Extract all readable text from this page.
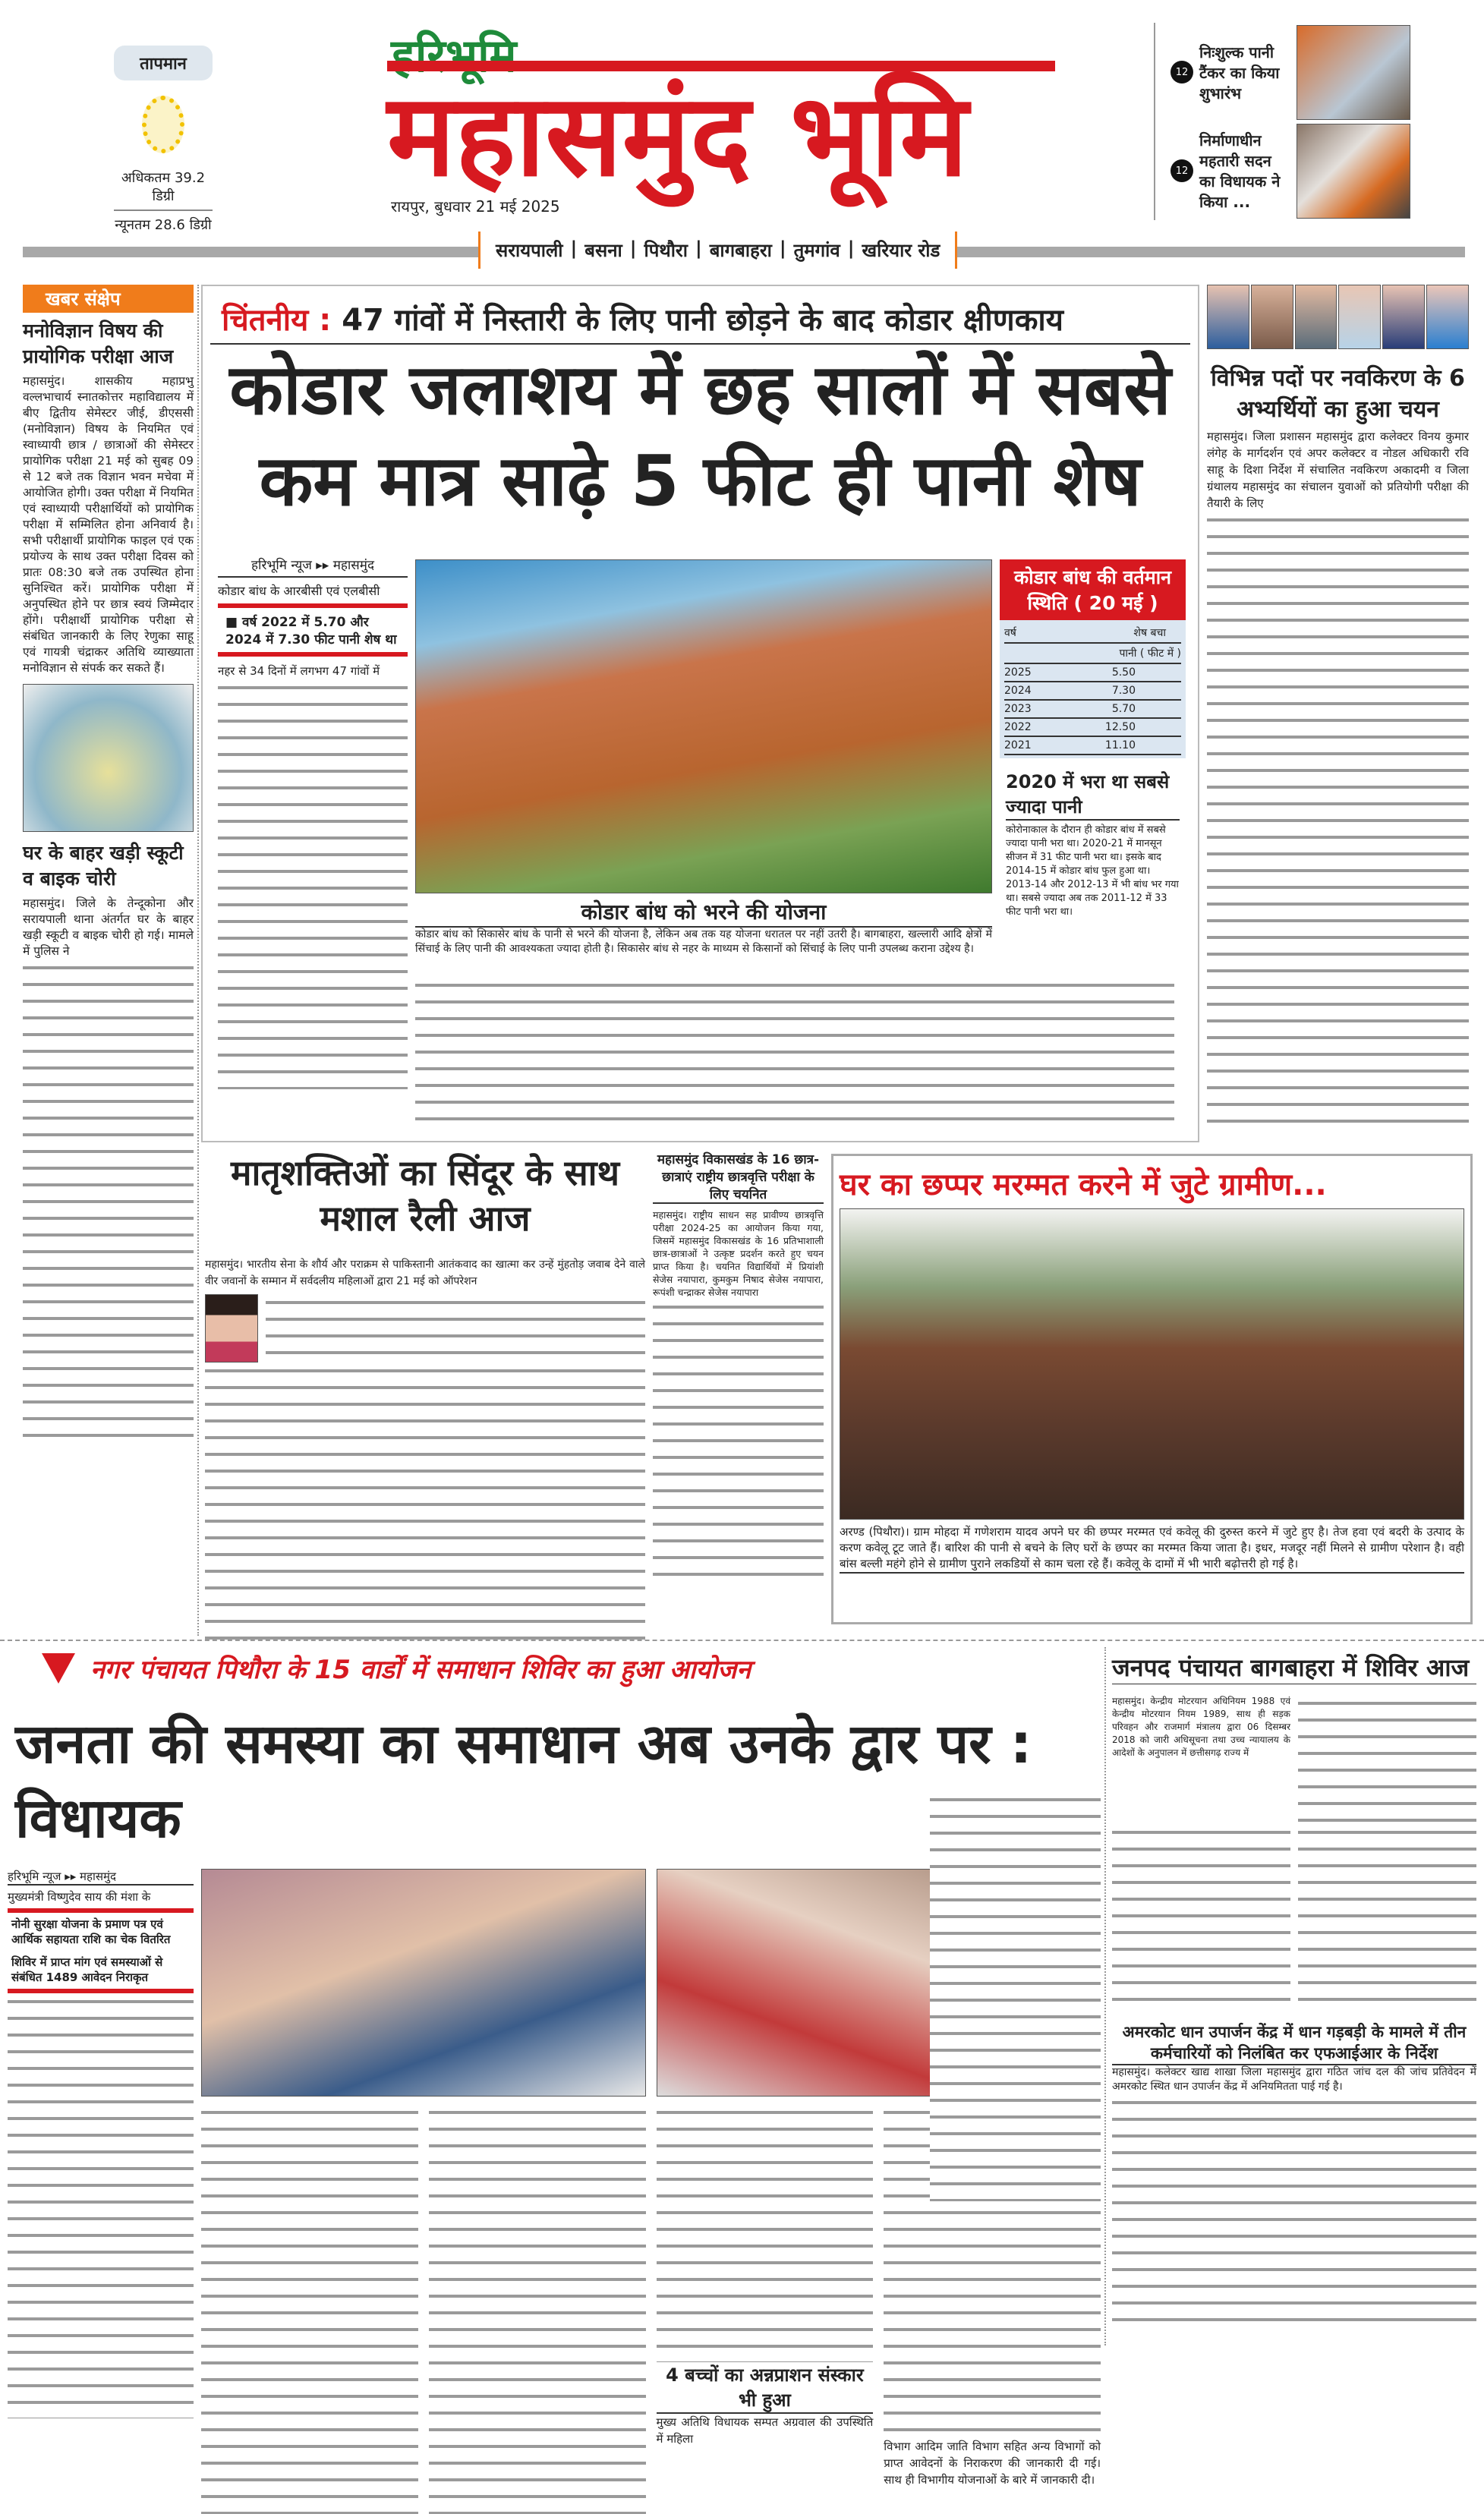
तापमान
अधिकतम 39.2 डिग्री
न्यूनतम 28.6 डिग्री
हरिभूमि
महासमुंद भूमि
रायपुर, बुधवार 21 मई 2025
सरायपाली | बसना | पिथौरा | बागबाहरा | तुमगांव | खरियार रोड
12
निःशुल्क पानी टैंकर का किया शुभारंभ
12
निर्माणाधीन महतारी सदन का विधायक ने किया ...
खबर संक्षेप
मनोविज्ञान विषय की प्रायोगिक परीक्षा आज

महासमुंद। शासकीय महाप्रभु वल्लभाचार्य स्नातकोत्तर महाविद्यालय में बीए द्वितीय सेमेस्टर जीई, डीएससी (मनोविज्ञान) विषय के नियमित एवं स्वाध्यायी छात्र / छात्राओं की सेमेस्टर प्रायोगिक परीक्षा 21 मई को सुबह 09 से 12 बजे तक विज्ञान भवन मचेवा में आयोजित होगी। उक्त परीक्षा में नियमित एवं स्वाध्यायी परीक्षार्थियों को प्रायोगिक परीक्षा में सम्मिलित होना अनिवार्य है। सभी परीक्षार्थी प्रायोगिक फाइल एवं एक प्रयोज्य के साथ उक्त परीक्षा दिवस को प्रातः 08:30 बजे तक उपस्थित होना सुनिश्चित करें। प्रायोगिक परीक्षा में अनुपस्थित होने पर छात्र स्वयं जिम्मेदार होंगे। परीक्षार्थी प्रायोगिक परीक्षा से संबंधित जानकारी के लिए रेणुका साहू एवं गायत्री चंद्राकर अतिथि व्याख्याता मनोविज्ञान से संपर्क कर सकते हैं।

घर के बाहर खड़ी स्कूटी व बाइक चोरी

महासमुंद। जिले के तेन्दूकोना और सरायपाली थाना अंतर्गत घर के बाहर खड़ी स्कूटी व बाइक चोरी हो गई। मामले में पुलिस ने

चिंतनीय : 47 गांवों में निस्तारी के लिए पानी छोड़ने के बाद कोडार क्षीणकाय
कोडार जलाशय में छह सालों में सबसे कम मात्र साढ़े 5 फीट ही पानी शेष
हरिभूमि न्यूज ▸▸ महासमुंद
कोडार बांध के आरबीसी एवं एलबीसी
■ वर्ष 2022 में 5.70 और 2024 में 7.30 फीट पानी शेष था

नहर से 34 दिनों में लगभग 47 गांवों में

कोडार बांध को भरने की योजना

कोडार बांध को सिकासेर बांध के पानी से भरने की योजना है, लेकिन अब तक यह योजना धरातल पर नहीं उतरी है। बागबाहरा, खल्लारी आदि क्षेत्रों में सिंचाई के लिए पानी की आवश्यकता ज्यादा होती है। सिकासेर बांध से नहर के माध्यम से किसानों को सिंचाई के लिए पानी उपलब्ध कराना उद्देश्य है।

कोडार बांध की वर्तमान स्थिति ( 20 मई )
वर्ष	शेष बचा
पानी ( फीट में )
2025	5.50
2024	7.30
2023	5.70
2022	12.50
2021	11.10
2020 में भरा था सबसे ज्यादा पानी

कोरोनाकाल के दौरान ही कोडार बांध में सबसे ज्यादा पानी भरा था। 2020-21 में मानसून सीजन में 31 फीट पानी भरा था। इसके बाद 2014-15 में कोडार बांध फुल हुआ था। 2013-14 और 2012-13 में भी बांध भर गया था। सबसे ज्यादा अब तक 2011-12 में 33 फीट पानी भरा था।

विभिन्न पदों पर नवकिरण के 6 अभ्यर्थियों का हुआ चयन

महासमुंद। जिला प्रशासन महासमुंद द्वारा कलेक्टर विनय कुमार लंगेह के मार्गदर्शन एवं अपर कलेक्टर व नोडल अधिकारी रवि साहू के दिशा निर्देश में संचालित नवकिरण अकादमी व जिला ग्रंथालय महासमुंद का संचालन युवाओं को प्रतियोगी परीक्षा की तैयारी के लिए

मातृशक्तिओं का सिंदूर के साथ मशाल रैली आज

महासमुंद। भारतीय सेना के शौर्य और पराक्रम से पाकिस्तानी आतंकवाद का खात्मा कर उन्हें मुंहतोड़ जवाब देने वाले वीर जवानों के सम्मान में सर्वदलीय महिलाओं द्वारा 21 मई को ऑपरेशन

महासमुंद विकासखंड के 16 छात्र-छात्राएं राष्ट्रीय छात्रवृत्ति परीक्षा के लिए चयनित

महासमुंद। राष्ट्रीय साधन सह प्रावीण्य छात्रवृत्ति परीक्षा 2024-25 का आयोजन किया गया, जिसमें महासमुंद विकासखंड के 16 प्रतिभाशाली छात्र-छात्राओं ने उत्कृष्ट प्रदर्शन करते हुए चयन प्राप्त किया है। चयनित विद्यार्थियों में प्रियांशी सेजेस नयापारा, कुमकुम निषाद सेजेस नयापारा, रूपंशी चन्द्राकर सेजेस नयापारा

घर का छप्पर मरम्मत करने में जुटे ग्रामीण...

अरण्ड (पिथौरा)। ग्राम मोहदा में गणेशराम यादव अपने घर की छप्पर मरम्मत एवं कवेलू की दुरुस्त करने में जुटे हुए है। तेज हवा एवं बदरी के उत्पाद के करण कवेलू टूट जाते हैं। बारिश की पानी से बचने के लिए घरों के छप्पर का मरम्मत किया जाता है। इधर, मजदूर नहीं मिलने से ग्रामीण परेशान है। वही बांस बल्ली महंगे होने से ग्रामीण पुराने लकडियों से काम चला रहे हैं। कवेलू के दामों में भी भारी बढ़ोत्तरी हो गई है।

नगर पंचायत पिथौरा के 15 वार्डों में समाधान शिविर का हुआ आयोजन
जनता की समस्या का समाधान अब उनके द्वार पर : विधायक
हरिभूमि न्यूज ▸▸ महासमुंद
मुख्यमंत्री विष्णुदेव साय की मंशा के
नोनी सुरक्षा योजना के प्रमाण पत्र एवं आर्थिक सहायता राशि का चेक वितरित
शिविर में प्राप्त मांग एवं समस्याओं से संबंधित 1489 आवेदन निराकृत
4 बच्चों का अन्नप्राशन संस्कार भी हुआ

मुख्य अतिथि विधायक सम्पत अग्रवाल की उपस्थिति में महिला

विभाग आदिम जाति विभाग सहित अन्य विभागों को प्राप्त आवेदनों के निराकरण की जानकारी दी गई। साथ ही विभागीय योजनाओं के बारे में जानकारी दी।

जनपद पंचायत बागबाहरा में शिविर आज

महासमुंद। केन्द्रीय मोटरयान अधिनियम 1988 एवं केन्द्रीय मोटरयान नियम 1989, साथ ही सड़क परिवहन और राजमार्ग मंत्रालय द्वारा 06 दिसम्बर 2018 को जारी अधिसूचना तथा उच्च न्यायालय के आदेशों के अनुपालन में छत्तीसगढ़ राज्य में

अमरकोट धान उपार्जन केंद्र में धान गड़बड़ी के मामले में तीन कर्मचारियों को निलंबित कर एफआईआर के निर्देश

महासमुंद। कलेक्टर खाद्य शाखा जिला महासमुंद द्वारा गठित जांच दल की जांच प्रतिवेदन में अमरकोट स्थित धान उपार्जन केंद्र में अनियमितता पाई गई है।
